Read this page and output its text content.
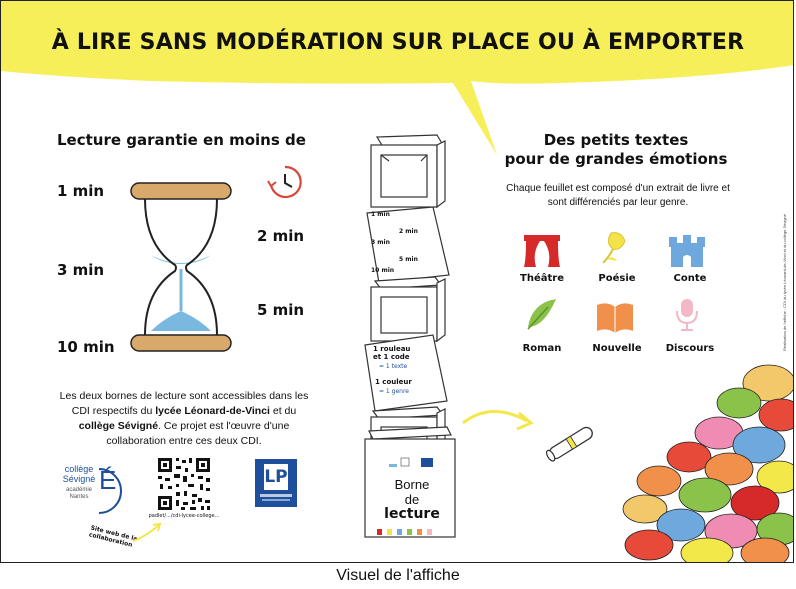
À LIRE SANS MODÉRATION SUR PLACE OU À EMPORTER
Lecture garantie en moins de
1 min
2 min
3 min
5 min
10 min
Les deux bornes de lecture sont accessibles dans les CDI respectifs du lycée Léonard-de-Vinci et du collège Sévigné. Ce projet est l'œuvre d'une collaboration entre ces deux CDI.
É
collège
Sévigné
académie
Nantes
padlet/.../cdi-lycee-college...
LP
Site web de la collaboration
1 min
2 min
3 min
5 min
10 min
1 rouleau et 1 code
= 1 texte
1 couleur
= 1 genre
Borne
de
lecture
Des petits textes
pour de grandes émotions
Chaque feuillet est composé d'un extrait de livre et sont différenciés par leur genre.
Théâtre	Poésie	Conte
Roman	Nouvelle	Discours	Réalisation de l'affiche : CDI du lycée Léonard-de-Vinci et du collège Sévigné
Visuel de l'affiche
